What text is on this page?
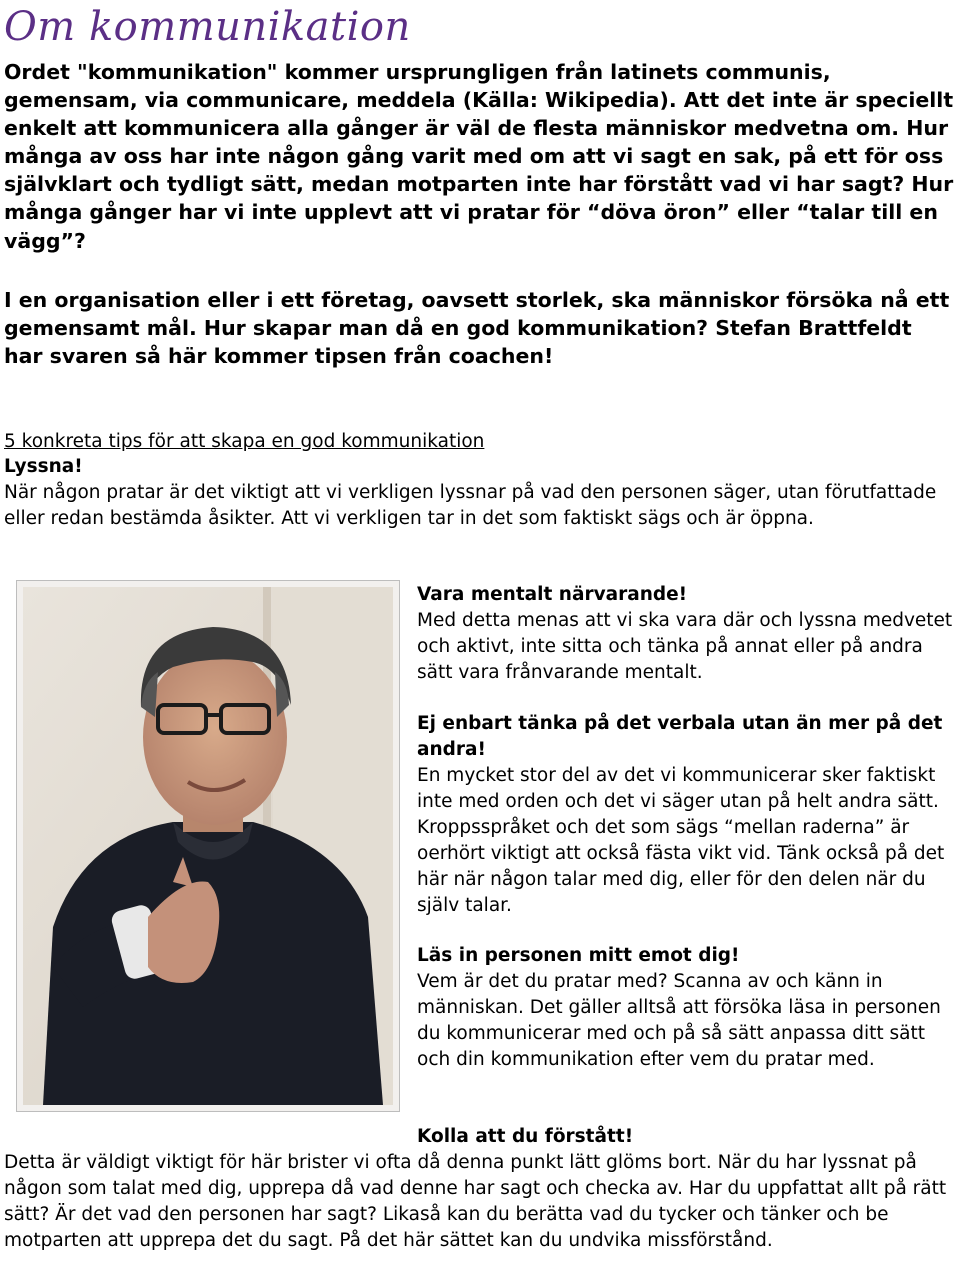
Om kommunikation

Ordet "kommunikation" kommer ursprungligen från latinets communis, gemensam, via communicare, meddela (Källa: Wikipedia). Att det inte är speciellt enkelt att kommunicera alla gånger är väl de flesta människor medvetna om. Hur många av oss har inte någon gång varit med om att vi sagt en sak, på ett för oss självklart och tydligt sätt, medan motparten inte har förstått vad vi har sagt? Hur många gånger har vi inte upplevt att vi pratar för “döva öron” eller “talar till en vägg”?

I en organisation eller i ett företag, oavsett storlek, ska människor försöka nå ett gemensamt mål. Hur skapar man då en god kommunikation? Stefan Brattfeldt har svaren så här kommer tipsen från coachen!

5 konkreta tips för att skapa en god kommunikation
Lyssna!
När någon pratar är det viktigt att vi verkligen lyssnar på vad den personen säger, utan förutfattade eller redan bestämda åsikter. Att vi verkligen tar in det som faktiskt sägs och är öppna.
Vara mentalt närvarande!
Med detta menas att vi ska vara där och lyssna medvetet och aktivt, inte sitta och tänka på annat eller på andra sätt vara frånvarande mentalt.
Ej enbart tänka på det verbala utan än mer på det andra!
En mycket stor del av det vi kommunicerar sker faktiskt inte med orden och det vi säger utan på helt andra sätt. Kroppsspråket och det som sägs “mellan raderna” är oerhört viktigt att också fästa vikt vid. Tänk också på det här när någon talar med dig, eller för den delen när du själv talar.
Läs in personen mitt emot dig!
Vem är det du pratar med? Scanna av och känn in människan. Det gäller alltså att försöka läsa in personen du kommunicerar med och på så sätt anpassa ditt sätt och din kommunikation efter vem du pratar med.
Kolla att du förstått!
Detta är väldigt viktigt för här brister vi ofta då denna punkt lätt glöms bort. När du har lyssnat på någon som talat med dig, upprepa då vad denne har sagt och checka av. Har du uppfattat allt på rätt sätt? Är det vad den personen har sagt? Likaså kan du berätta vad du tycker och tänker och be motparten att upprepa det du sagt. På det här sättet kan du undvika missförstånd.
